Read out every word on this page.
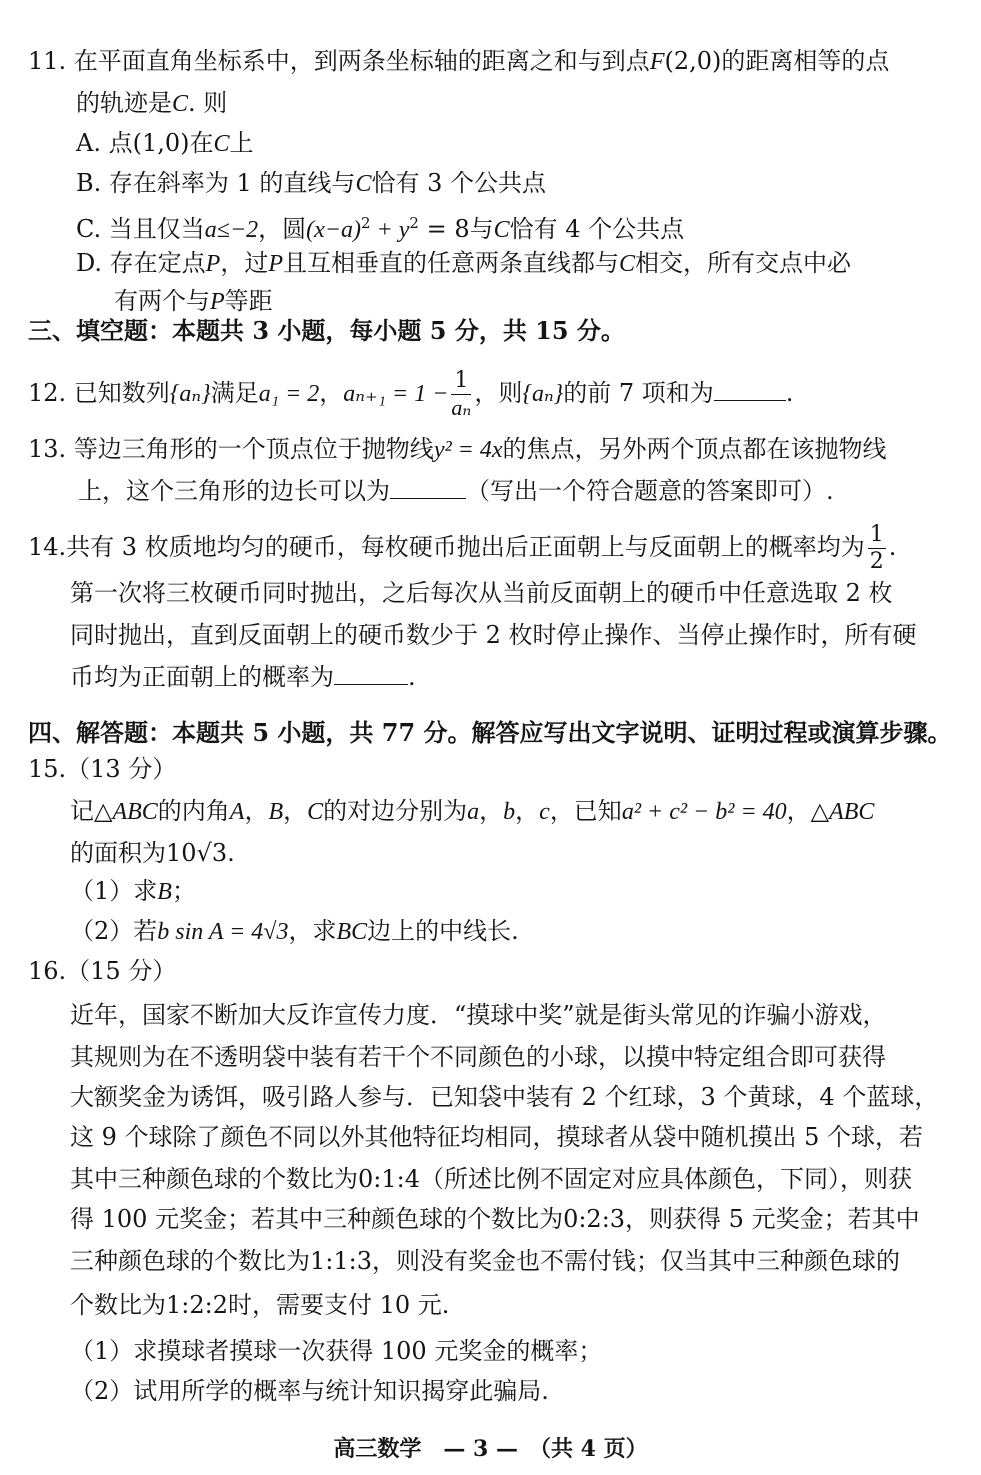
11. 在平面直角坐标系中，到两条坐标轴的距离之和与到点F(2,0)的距离相等的点
的轨迹是C. 则
A. 点(1,0)在C上
B. 存在斜率为 1 的直线与C恰有 3 个公共点
C. 当且仅当a≤−2，圆$(x-a)^2 + y^2 = 8$与C恰有 4 个公共点
D. 存在定点P，过P且互相垂直的任意两条直线都与C相交，所有交点中必
有两个与P等距
三、填空题：本题共 3 小题，每小题 5 分，共 15 分。
12. 已知数列{aₙ}满足a₁ = 2，$a_{n+1} = 1 - \frac{1}{\text{aₙ}}$ ，则{aₙ}的前 7 项和为	.
13. 等边三角形的一个顶点位于抛物线y² = 4x的焦点，另外两个顶点都在该抛物线
上，这个三角形的边长可以为	（写出一个符合题意的答案即可）.
14.共有 3 枚质地均匀的硬币，每枚硬币抛出后正面朝上与反面朝上的概率均为 $\frac{1}{2}$ .
第一次将三枚硬币同时抛出，之后每次从当前反面朝上的硬币中任意选取 2 枚
同时抛出，直到反面朝上的硬币数少于 2 枚时停止操作、当停止操作时，所有硬
币均为正面朝上的概率为	.
四、解答题：本题共 5 小题，共 77 分。解答应写出文字说明、证明过程或演算步骤。
15.（13 分）
记△ABC的内角A，B，C的对边分别为a，b，c，已知a² + c² − b² = 40，△ABC
的面积为10√3.
（1）求B；
（2）若b sin A = 4√3，求BC边上的中线长.
16.（15 分）
近年，国家不断加大反诈宣传力度．“摸球中奖”就是街头常见的诈骗小游戏，
其规则为在不透明袋中装有若干个不同颜色的小球，以摸中特定组合即可获得
大额奖金为诱饵，吸引路人参与．已知袋中装有 2 个红球，3 个黄球，4 个蓝球，
这 9 个球除了颜色不同以外其他特征均相同，摸球者从袋中随机摸出 5 个球，若
其中三种颜色球的个数比为0:1:4（所述比例不固定对应具体颜色，下同），则获
得 100 元奖金；若其中三种颜色球的个数比为0:2:3，则获得 5 元奖金；若其中
三种颜色球的个数比为1:1:3，则没有奖金也不需付钱；仅当其中三种颜色球的
个数比为1:2:2时，需要支付 10 元.
（1）求摸球者摸球一次获得 100 元奖金的概率；
（2）试用所学的概率与统计知识揭穿此骗局.
高三数学　— 3 —　（共 4 页）
